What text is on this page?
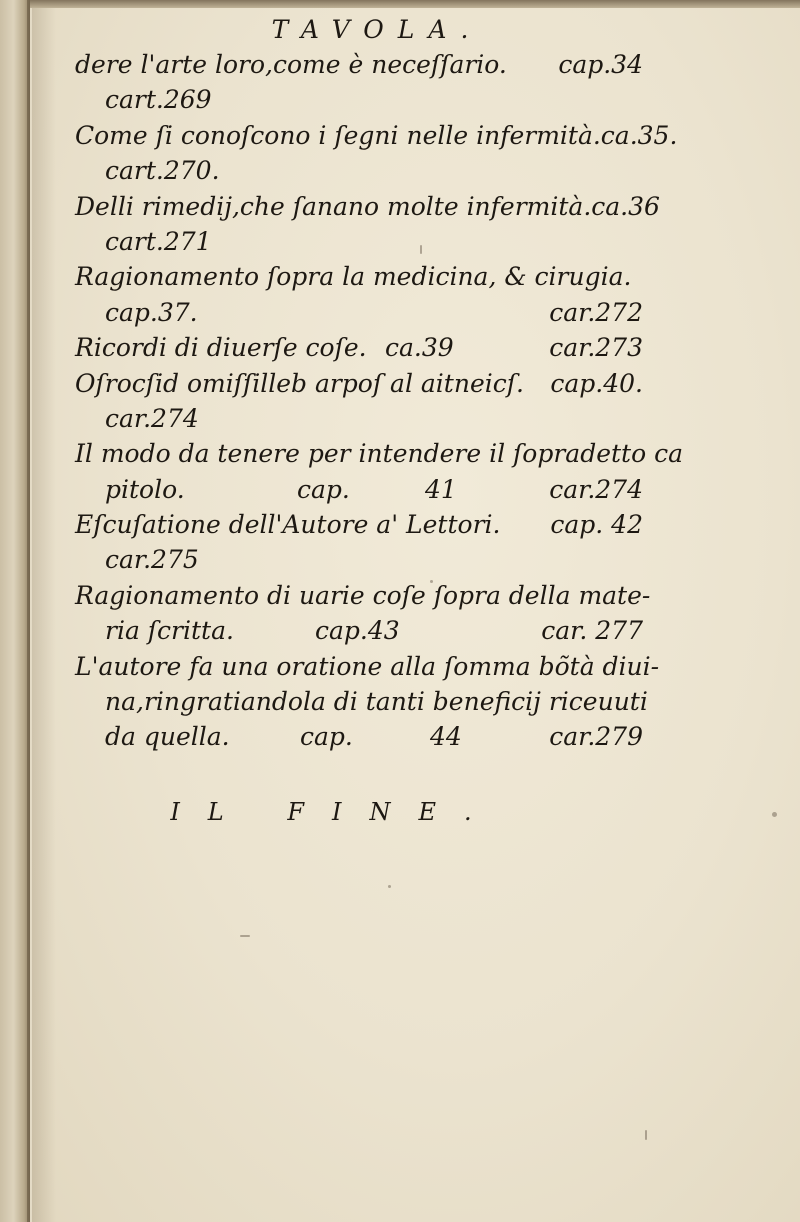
TAVOLA.
dere l'arte loro,come è neceſſario. cap.34
cart.269
Come ſi conoſcono i ſegni nelle infermità.ca.35.
cart.270.
Delli rimedij,che ſanano molte infermità.ca.36
cart.271
Ragionamento ſopra la medicina, & cirugia.
cap.37.	car.272
Ricordi di diuerſe coſe. ca.39	car.273
Oſrocſid omiſſilleb arpoſ al aitneicſ. cap.40.
car.274
Il modo da tenere per intendere il ſopradetto ca
pitolo.	cap.	41	car.274
Eſcuſatione dell'Autore a' Lettori. cap. 42
car.275
Ragionamento di uarie coſe ſopra della mate-
ria ſcritta.	cap.43	car. 277
L'autore fa una oratione alla ſomma bõtà diui-
na,ringratiandola di tanti beneficij riceuuti
da quella.	cap.	44	car.279
IL FINE.
